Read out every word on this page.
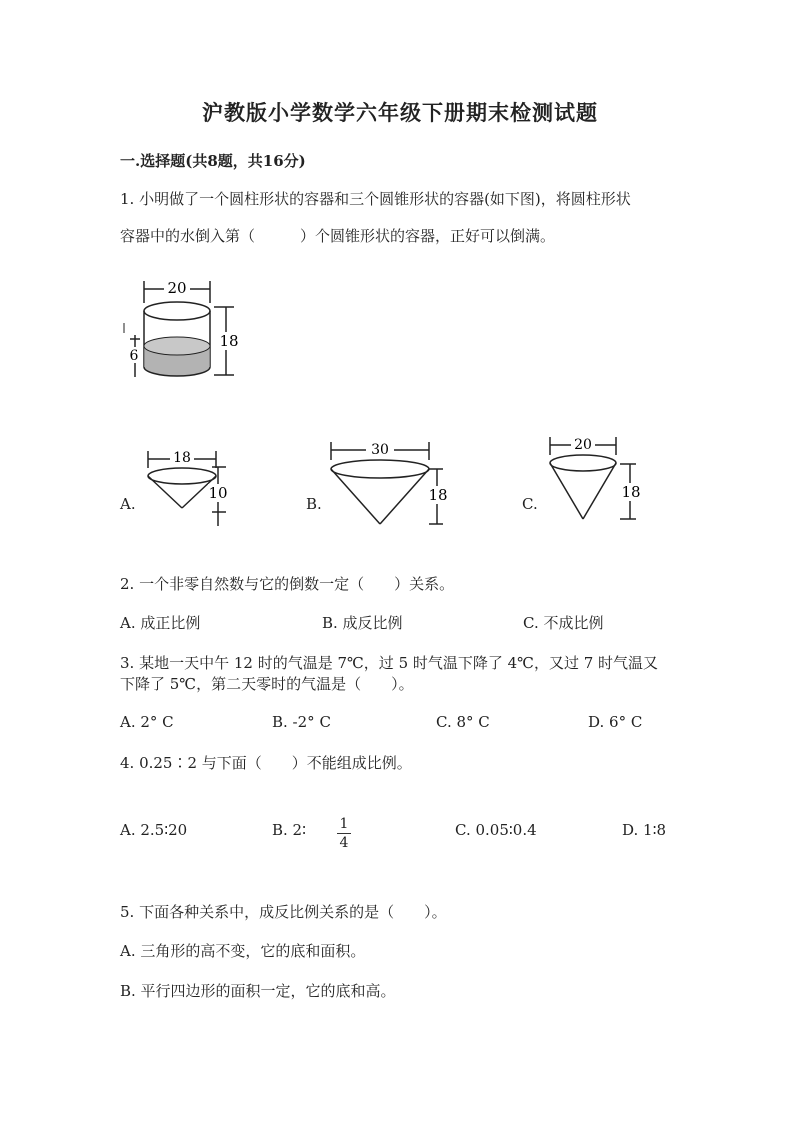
沪教版小学数学六年级下册期末检测试题
一.选择题(共8题，共16分)
1. 小明做了一个圆柱形状的容器和三个圆锥形状的容器(如下图)，将圆柱形状
容器中的水倒入第（　　　）个圆锥形状的容器，正好可以倒满。
20
18
6
A.
18
10
B.
30
18	C.
20
18
2. 一个非零自然数与它的倒数一定（　　）关系。
A. 成正比例	B. 成反比例	C. 不成比例
3. 某地一天中午 12 时的气温是 7℃，过 5 时气温下降了 4℃，又过 7 时气温又
下降了 5℃，第二天零时的气温是（　　）。
A. 2° C	B. -2° C	C. 8° C	D. 6° C
4. 0.25∶2 与下面（　　）不能组成比例。
A. 2.5∶20	B. 2∶ $\frac{1}{4}$	C. 0.05∶0.4	D. 1∶8
5. 下面各种关系中，成反比例关系的是（　　）。
A. 三角形的高不变，它的底和面积。
B. 平行四边形的面积一定，它的底和高。
